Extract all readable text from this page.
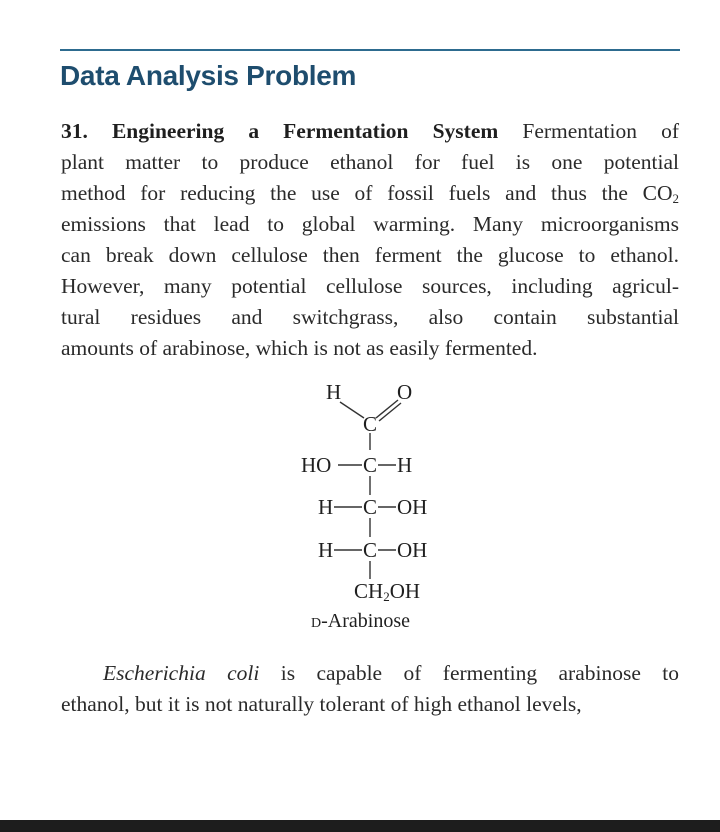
Data Analysis Problem
31. Engineering a Fermentation System Fermentation of
plant matter to produce ethanol for fuel is one potential
method for reducing the use of fossil fuels and thus the $CO_2$
emissions that lead to global warming. Many microorganisms
can break down cellulose then ferment the glucose to ethanol.
However, many potential cellulose sources, including agricul-
tural residues and switchgrass, also contain substantial
amounts of arabinose, which is not as easily fermented.
H	O
C
HO C H
H C OH
H C OH
$CH_2OH$
D-Arabinose
Escherichia coli is capable of fermenting arabinose to
ethanol, but it is not naturally tolerant of high ethanol levels,
